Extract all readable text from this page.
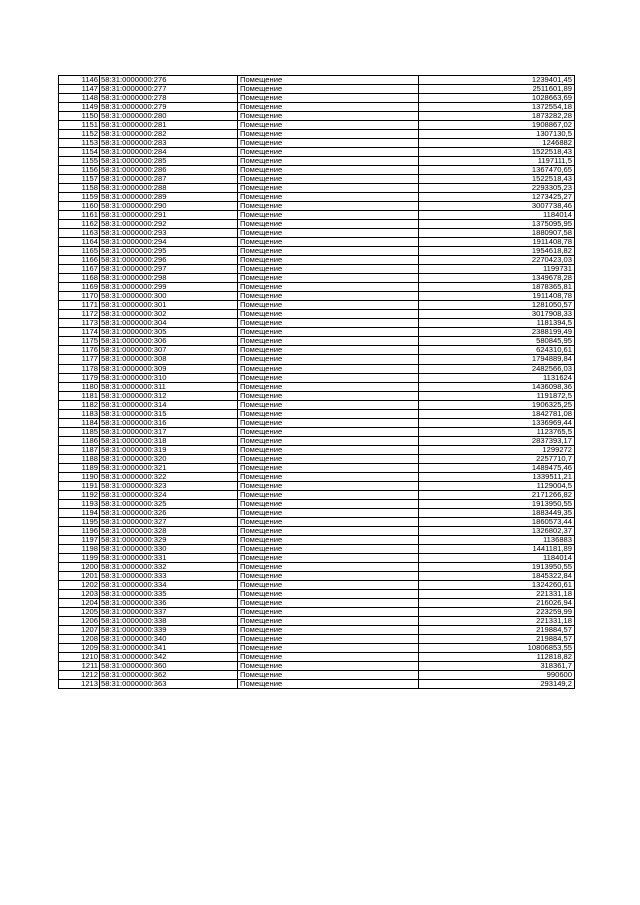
1146	58:31:0000000:276	Помещение	1239401,45
1147	58:31:0000000:277	Помещение	2511601,89
1148	58:31:0000000:278	Помещение	1028663,69
1149	58:31:0000000:279	Помещение	1372554,18
1150	58:31:0000000:280	Помещение	1873282,28
1151	58:31:0000000:281	Помещение	1908867,02
1152	58:31:0000000:282	Помещение	1307130,5
1153	58:31:0000000:283	Помещение	1246882
1154	58:31:0000000:284	Помещение	1522518,43
1155	58:31:0000000:285	Помещение	1197111,5
1156	58:31:0000000:286	Помещение	1367470,65
1157	58:31:0000000:287	Помещение	1522518,43
1158	58:31:0000000:288	Помещение	2293305,23
1159	58:31:0000000:289	Помещение	1273425,27
1160	58:31:0000000:290	Помещение	3007738,46
1161	58:31:0000000:291	Помещение	1184014
1162	58:31:0000000:292	Помещение	1375095,95
1163	58:31:0000000:293	Помещение	1880907,58
1164	58:31:0000000:294	Помещение	1911408,78
1165	58:31:0000000:295	Помещение	1954618,82
1166	58:31:0000000:296	Помещение	2270423,03
1167	58:31:0000000:297	Помещение	1199731
1168	58:31:0000000:298	Помещение	1349678,28
1169	58:31:0000000:299	Помещение	1878365,81
1170	58:31:0000000:300	Помещение	1911408,78
1171	58:31:0000000:301	Помещение	1281050,57
1172	58:31:0000000:302	Помещение	3017908,33
1173	58:31:0000000:304	Помещение	1181394,5
1174	58:31:0000000:305	Помещение	2388199,49
1175	58:31:0000000:306	Помещение	580845,95
1176	58:31:0000000:307	Помещение	624310,61
1177	58:31:0000000:308	Помещение	1794889,84
1178	58:31:0000000:309	Помещение	2482566,03
1179	58:31:0000000:310	Помещение	1131624
1180	58:31:0000000:311	Помещение	1436098,36
1181	58:31:0000000:312	Помещение	1191872,5
1182	58:31:0000000:314	Помещение	1906325,25
1183	58:31:0000000:315	Помещение	1842781,08
1184	58:31:0000000:316	Помещение	1336969,44
1185	58:31:0000000:317	Помещение	1123765,5
1186	58:31:0000000:318	Помещение	2837393,17
1187	58:31:0000000:319	Помещение	1299272
1188	58:31:0000000:320	Помещение	2257710,7
1189	58:31:0000000:321	Помещение	1489475,46
1190	58:31:0000000:322	Помещение	1339511,21
1191	58:31:0000000:323	Помещение	1129004,5
1192	58:31:0000000:324	Помещение	2171266,82
1193	58:31:0000000:325	Помещение	1913950,55
1194	58:31:0000000:326	Помещение	1883449,35
1195	58:31:0000000:327	Помещение	1860573,44
1196	58:31:0000000:328	Помещение	1326802,37
1197	58:31:0000000:329	Помещение	1136883
1198	58:31:0000000:330	Помещение	1441181,89
1199	58:31:0000000:331	Помещение	1184014
1200	58:31:0000000:332	Помещение	1913950,55
1201	58:31:0000000:333	Помещение	1845322,84
1202	58:31:0000000:334	Помещение	1324260,61
1203	58:31:0000000:335	Помещение	221331,18
1204	58:31:0000000:336	Помещение	216026,94
1205	58:31:0000000:337	Помещение	223259,99
1206	58:31:0000000:338	Помещение	221331,18
1207	58:31:0000000:339	Помещение	219884,57
1208	58:31:0000000:340	Помещение	219884,57
1209	58:31:0000000:341	Помещение	10806853,55
1210	58:31:0000000:342	Помещение	112818,82
1211	58:31:0000000:360	Помещение	318361,7
1212	58:31:0000000:362	Помещение	990600
1213	58:31:0000000:363	Помещение	293149,2
